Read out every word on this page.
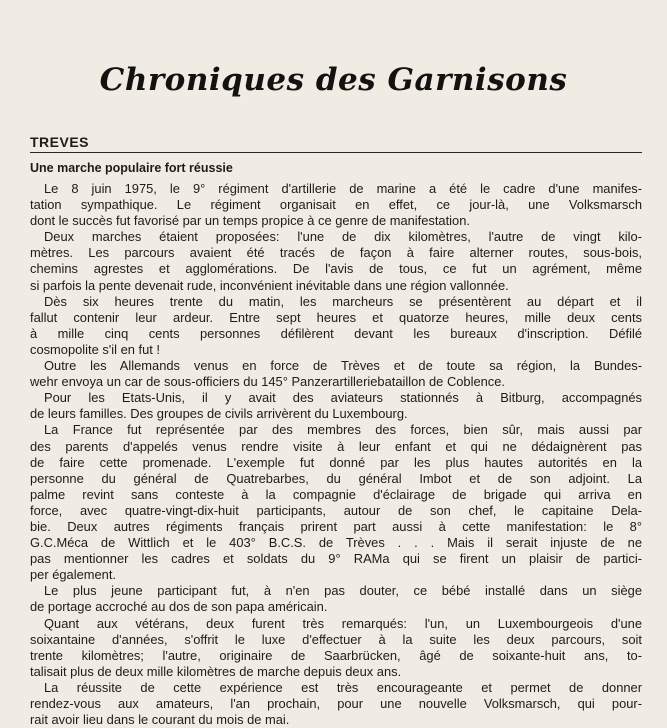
Chroniques des Garnisons
TREVES
Une marche populaire fort réussie
Le 8 juin 1975, le 9° régiment d'artillerie de marine a été le cadre d'une manifes-
tation sympathique. Le régiment organisait en effet, ce jour-là, une Volksmarsch
dont le succès fut favorisé par un temps propice à ce genre de manifestation.
Deux marches étaient proposées: l'une de dix kilomètres, l'autre de vingt kilo-
mètres. Les parcours avaient été tracés de façon à faire alterner routes, sous-bois,
chemins agrestes et agglomérations. De l'avis de tous, ce fut un agrément, même
si parfois la pente devenait rude, inconvénient inévitable dans une région vallonnée.
Dès six heures trente du matin, les marcheurs se présentèrent au départ et il
fallut contenir leur ardeur. Entre sept heures et quatorze heures, mille deux cents
à mille cinq cents personnes défilèrent devant les bureaux d'inscription. Défilé
cosmopolite s'il en fut !
Outre les Allemands venus en force de Trèves et de toute sa région, la Bundes-
wehr envoya un car de sous-officiers du 145° Panzerartilleriebataillon de Coblence.
Pour les Etats-Unis, il y avait des aviateurs stationnés à Bitburg, accompagnés
de leurs familles. Des groupes de civils arrivèrent du Luxembourg.
La France fut représentée par des membres des forces, bien sûr, mais aussi par
des parents d'appelés venus rendre visite à leur enfant et qui ne dédaignèrent pas
de faire cette promenade. L'exemple fut donné par les plus hautes autorités en la
personne du général de Quatrebarbes, du général Imbot et de son adjoint. La
palme revint sans conteste à la compagnie d'éclairage de brigade qui arriva en
force, avec quatre-vingt-dix-huit participants, autour de son chef, le capitaine Dela-
bie. Deux autres régiments français prirent part aussi à cette manifestation: le 8°
G.C.Méca de Wittlich et le 403° B.C.S. de Trèves . . . Mais il serait injuste de ne
pas mentionner les cadres et soldats du 9° RAMa qui se firent un plaisir de partici-
per également.
Le plus jeune participant fut, à n'en pas douter, ce bébé installé dans un siège
de portage accroché au dos de son papa américain.
Quant aux vétérans, deux furent très remarqués: l'un, un Luxembourgeois d'une
soixantaine d'années, s'offrit le luxe d'effectuer à la suite les deux parcours, soit
trente kilomètres; l'autre, originaire de Saarbrücken, âgé de soixante-huit ans, to-
talisait plus de deux mille kilomètres de marche depuis deux ans.
La réussite de cette expérience est très encourageante et permet de donner
rendez-vous aux amateurs, l'an prochain, pour une nouvelle Volksmarsch, qui pour-
rait avoir lieu dans le courant du mois de mai.
